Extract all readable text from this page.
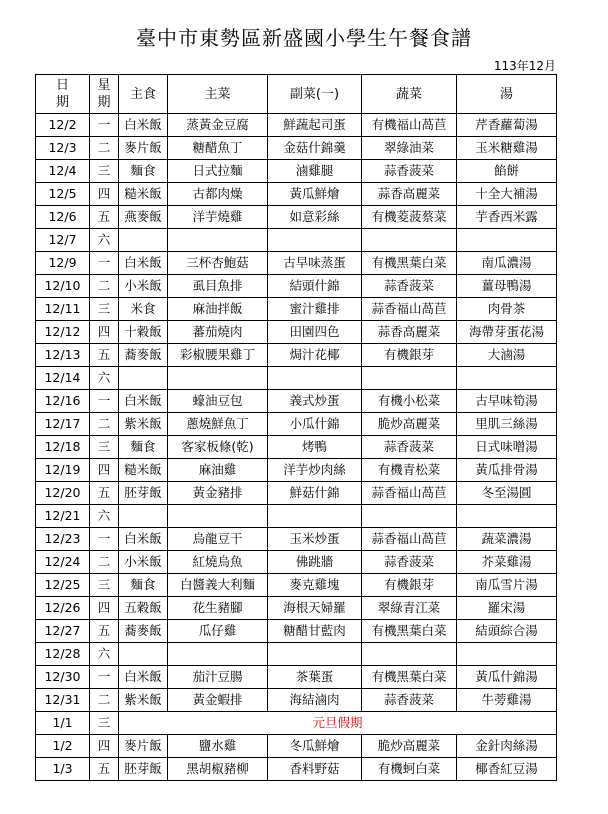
臺中市東勢區新盛國小學生午餐食譜
113年12月
日期	星期	主食	主菜	副菜(一)	蔬菜	湯
12/2	一	白米飯	蒸黃金豆腐	鮮蔬起司蛋	有機福山萵苣	芹香蘿蔔湯
12/3	二	麥片飯	糖醋魚丁	金菇什錦羹	翠綠油菜	玉米糖雞湯
12/4	三	麵食	日式拉麵	滷雞腿	蒜香菠菜	餡餅
12/5	四	糙米飯	古都肉燥	黃瓜鮮燴	蒜香高麗菜	十全大補湯
12/6	五	燕麥飯	洋芋燒雞	如意彩絲	有機菱菠蔡菜	芋香西米露
12/7	六					
12/9	一	白米飯	三杯杏鮑菇	古早味蒸蛋	有機黑葉白菜	南瓜濃湯
12/10	二	小米飯	虱目魚排	結頭什錦	蒜香菠菜	薑母鴨湯
12/11	三	米食	麻油拌飯	蜜汁雞排	蒜香福山萵苣	肉骨茶
12/12	四	十穀飯	蕃茄燒肉	田園四色	蒜香高麗菜	海帶芽蛋花湯
12/13	五	蕎麥飯	彩椒腰果雞丁	焗汁花椰	有機銀芽	大滷湯
12/14	六					
12/16	一	白米飯	蠔油豆包	義式炒蛋	有機小松菜	古早味筍湯
12/17	二	紫米飯	蔥燒鮮魚丁	小瓜什錦	脆炒高麗菜	里肌三絲湯
12/18	三	麵食	客家板條(乾)	烤鴨	蒜香菠菜	日式味噌湯
12/19	四	糙米飯	麻油雞	洋芋炒肉絲	有機青松菜	黃瓜排骨湯
12/20	五	胚芽飯	黃金豬排	鮮菇什錦	蒜香福山萵苣	冬至湯圓
12/21	六					
12/23	一	白米飯	烏龍豆干	玉米炒蛋	蒜香福山萵苣	蔬菜濃湯
12/24	二	小米飯	紅燒烏魚	佛跳牆	蒜香菠菜	芥菜雞湯
12/25	三	麵食	白醬義大利麵	麥克雞塊	有機銀芽	南瓜雪片湯
12/26	四	五穀飯	花生豬腳	海根天婦羅	翠綠青江菜	羅宋湯
12/27	五	蕎麥飯	瓜仔雞	糖醋甘藍肉	有機黑葉白菜	結頭綜合湯
12/28	六					
12/30	一	白米飯	茄汁豆腸	茶葉蛋	有機黑葉白菜	黃瓜什錦湯
12/31	二	紫米飯	黃金蝦排	海結滷肉	蒜香菠菜	牛蒡雞湯
1/1	三	元旦假期				
1/2	四	麥片飯	鹽水雞	冬瓜鮮燴	脆炒高麗菜	金針肉絲湯
1/3	五	胚芽飯	黑胡椒豬柳	香料野菇	有機蚵白菜	椰香紅豆湯
